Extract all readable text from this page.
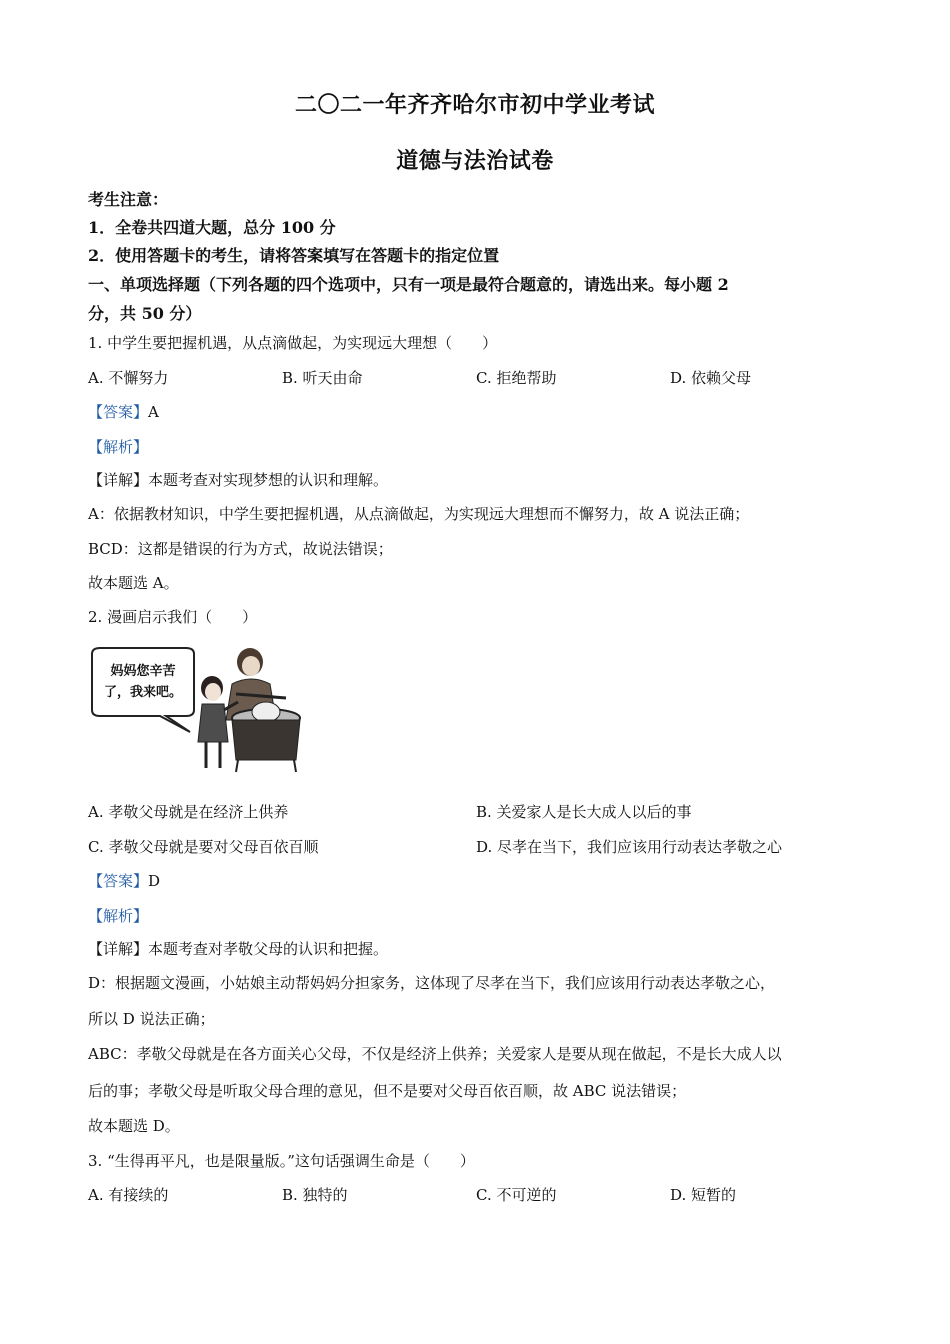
二〇二一年齐齐哈尔市初中学业考试
道德与法治试卷
考生注意：
1．全卷共四道大题，总分 100 分
2．使用答题卡的考生，请将答案填写在答题卡的指定位置
一、单项选择题（下列各题的四个选项中，只有一项是最符合题意的，请选出来。每小题 2
分，共 50 分）
1. 中学生要把握机遇，从点滴做起，为实现远大理想（　　）
A. 不懈努力	B. 听天由命	C. 拒绝帮助	D. 依赖父母
【答案】A
【解析】
【详解】本题考查对实现梦想的认识和理解。
A：依据教材知识，中学生要把握机遇，从点滴做起，为实现远大理想而不懈努力，故 A 说法正确；
BCD：这都是错误的行为方式，故说法错误；
故本题选 A。
2. 漫画启示我们（　　）
妈妈您辛苦
了，我来吧。
A. 孝敬父母就是在经济上供养	B. 关爱家人是长大成人以后的事
C. 孝敬父母就是要对父母百依百顺	D. 尽孝在当下，我们应该用行动表达孝敬之心
【答案】D
【解析】
【详解】本题考查对孝敬父母的认识和把握。
D：根据题文漫画，小姑娘主动帮妈妈分担家务，这体现了尽孝在当下，我们应该用行动表达孝敬之心，
所以 D 说法正确；
ABC：孝敬父母就是在各方面关心父母，不仅是经济上供养；关爱家人是要从现在做起，不是长大成人以
后的事；孝敬父母是听取父母合理的意见，但不是要对父母百依百顺，故 ABC 说法错误；
故本题选 D。
3. “生得再平凡，也是限量版。”这句话强调生命是（　　）
A. 有接续的	B. 独特的	C. 不可逆的	D. 短暂的
